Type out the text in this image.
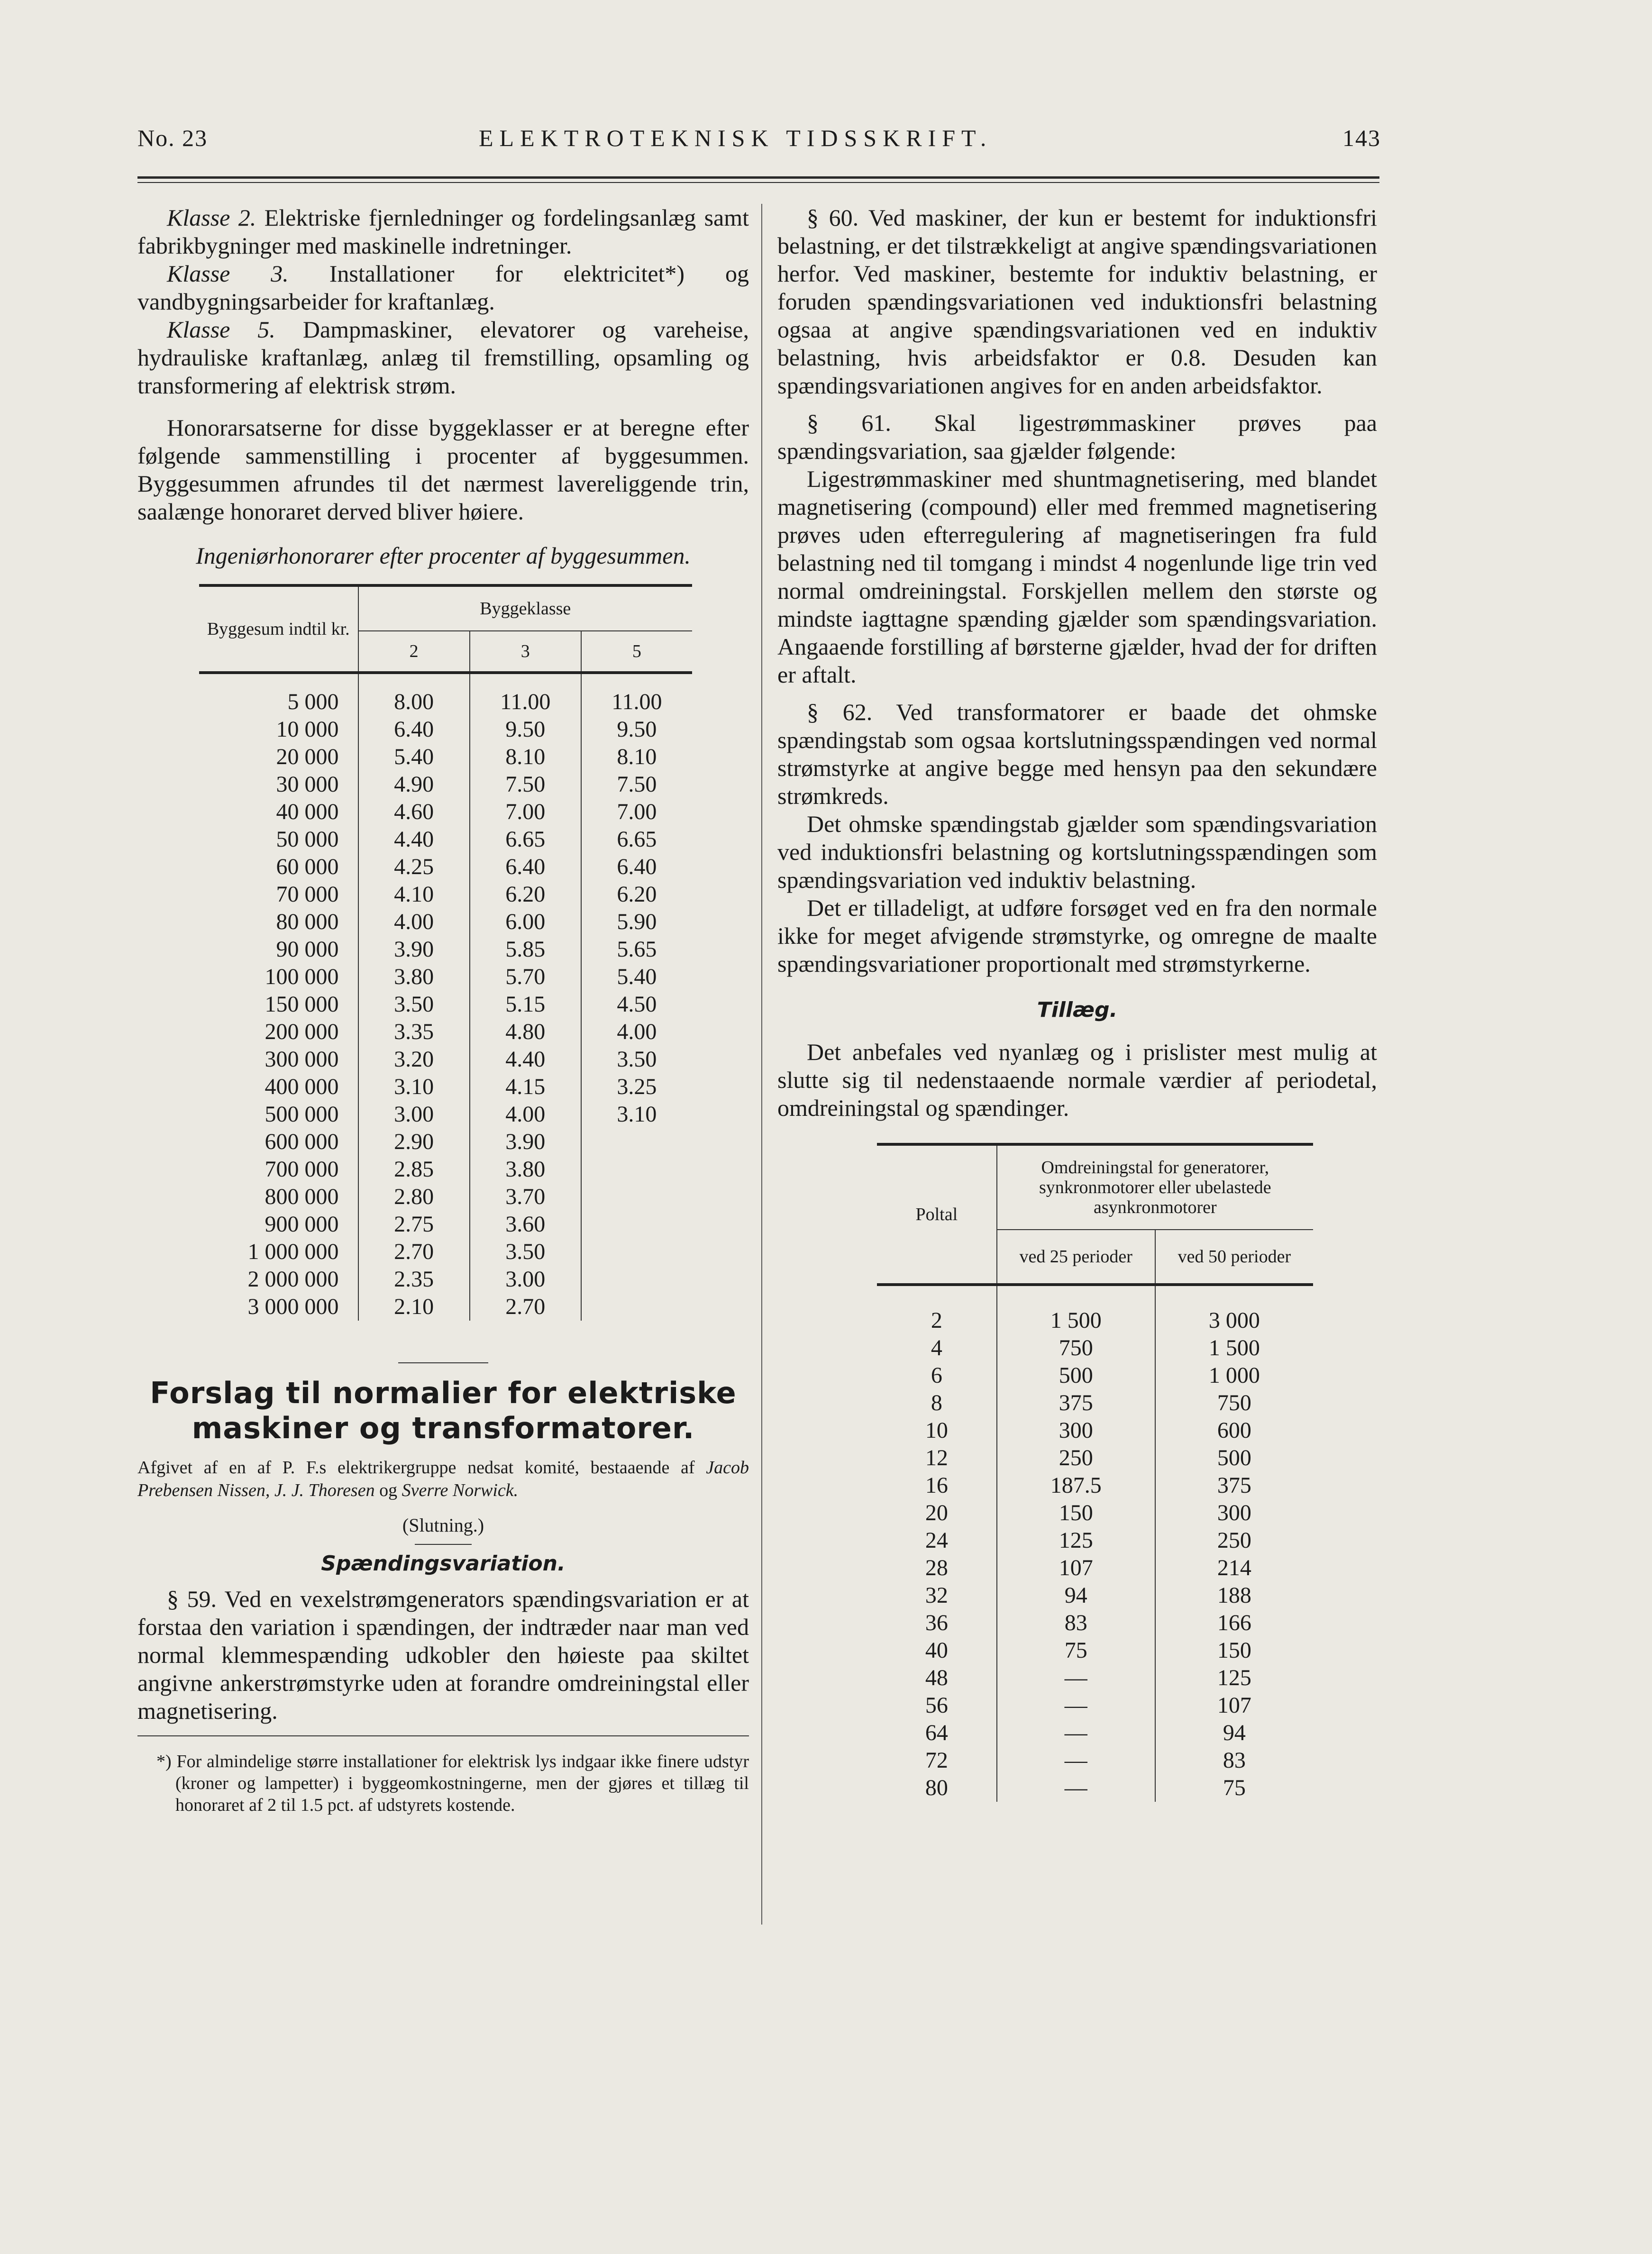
No. 23	ELEKTROTEKNISK TIDSSKRIFT.	143

Klasse 2. Elektriske fjernledninger og fordelingsanlæg samt fabrikbygninger med maskinelle indretninger.

Klasse 3. Installationer for elektricitet*) og vandbygningsarbeider for kraftanlæg.

Klasse 5. Dampmaskiner, elevatorer og vareheise, hydrauliske kraftanlæg, anlæg til fremstilling, opsamling og transformering af elektrisk strøm.

Honorarsatserne for disse byggeklasser er at beregne efter følgende sammenstilling i procenter af byggesummen. Byggesummen afrundes til det nærmest lavereliggende trin, saalænge honoraret derved bliver høiere.

Ingeniørhonorarer efter procenter af byggesummen.
Byggesum indtil kr.	Byggeklasse		
	2	3	5
5 000	8.00	11.00	11.00
10 000	6.40	9.50	9.50
20 000	5.40	8.10	8.10
30 000	4.90	7.50	7.50
40 000	4.60	7.00	7.00
50 000	4.40	6.65	6.65
60 000	4.25	6.40	6.40
70 000	4.10	6.20	6.20
80 000	4.00	6.00	5.90
90 000	3.90	5.85	5.65
100 000	3.80	5.70	5.40
150 000	3.50	5.15	4.50
200 000	3.35	4.80	4.00
300 000	3.20	4.40	3.50
400 000	3.10	4.15	3.25
500 000	3.00	4.00	3.10
600 000	2.90	3.90	
700 000	2.85	3.80	
800 000	2.80	3.70	
900 000	2.75	3.60	
1 000 000	2.70	3.50	
2 000 000	2.35	3.00	
3 000 000	2.10	2.70	
Forslag til normalier for elektriske maskiner og transformatorer.
Afgivet af en af P. F.s elektrikergruppe nedsat komité, bestaaende af Jacob Prebensen Nissen, J. J. Thoresen og Sverre Norwick.
(Slutning.)
Spændingsvariation.

§ 59. Ved en vexelstrømgenerators spændingsvariation er at forstaa den variation i spændingen, der indtræder naar man ved normal klemmespænding udkobler den høieste paa skiltet angivne ankerstrømstyrke uden at forandre omdreiningstal eller magnetisering.

*) For almindelige større installationer for elektrisk lys indgaar ikke finere udstyr (kroner og lampetter) i byggeomkostningerne, men der gjøres et tillæg til honoraret af 2 til 1.5 pct. af udstyrets kostende.

§ 60. Ved maskiner, der kun er bestemt for induktionsfri belastning, er det tilstrækkeligt at angive spændingsvariationen herfor. Ved maskiner, bestemte for induktiv belastning, er foruden spændingsvariationen ved induktionsfri belastning ogsaa at angive spændingsvariationen ved en induktiv belastning, hvis arbeidsfaktor er 0.8. Desuden kan spændingsvariationen angives for en anden arbeidsfaktor.

§ 61. Skal ligestrømmaskiner prøves paa spændingsvariation, saa gjælder følgende:

Ligestrømmaskiner med shuntmagnetisering, med blandet magnetisering (compound) eller med fremmed magnetisering prøves uden efterregulering af magnetiseringen fra fuld belastning ned til tomgang i mindst 4 nogenlunde lige trin ved normal omdreiningstal. Forskjellen mellem den største og mindste iagttagne spænding gjælder som spændingsvariation. Angaaende forstilling af børsterne gjælder, hvad der for driften er aftalt.

§ 62. Ved transformatorer er baade det ohmske spændingstab som ogsaa kortslutningsspændingen ved normal strømstyrke at angive begge med hensyn paa den sekundære strømkreds.

Det ohmske spændingstab gjælder som spændingsvariation ved induktionsfri belastning og kortslutningsspændingen som spændingsvariation ved induktiv belastning.

Det er tilladeligt, at udføre forsøget ved en fra den normale ikke for meget afvigende strømstyrke, og omregne de maalte spændingsvariationer proportionalt med strømstyrkerne.

Tillæg.

Det anbefales ved nyanlæg og i prislister mest mulig at slutte sig til nedenstaaende normale værdier af periodetal, omdreiningstal og spændinger.

Poltal	Omdreiningstal for generatorer, synkronmotorer eller ubelastede asynkronmotorer	
	ved 25 perioder	ved 50 perioder
2	1 500	3 000
4	750	1 500
6	500	1 000
8	375	750
10	300	600
12	250	500
16	187.5	375
20	150	300
24	125	250
28	107	214
32	94	188
36	83	166
40	75	150
48	—	125
56	—	107
64	—	94
72	—	83
80	—	75
